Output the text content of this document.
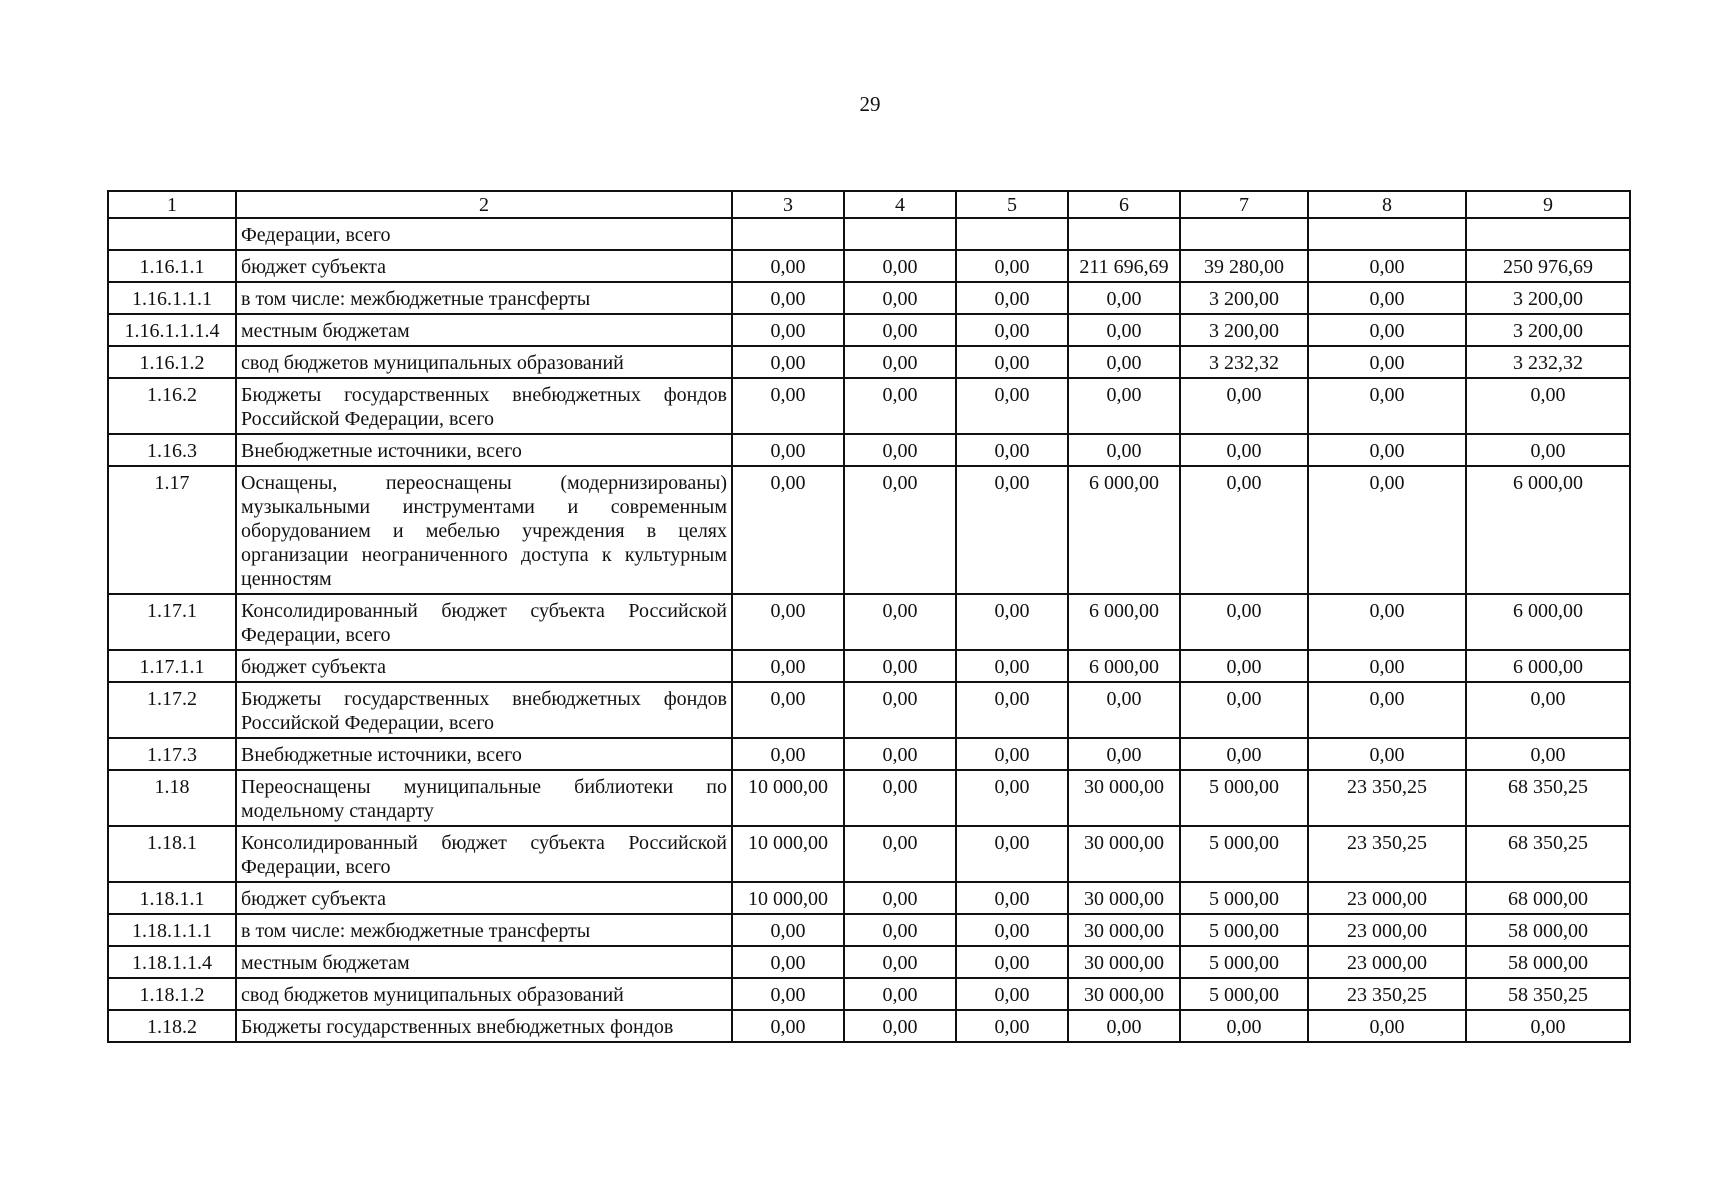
29
1	2	3	4	5	6	7	8	9
	Федерации, всего							
1.16.1.1	бюджет субъекта	0,00	0,00	0,00	211 696,69	39 280,00	0,00	250 976,69
1.16.1.1.1	в том числе: межбюджетные трансферты	0,00	0,00	0,00	0,00	3 200,00	0,00	3 200,00
1.16.1.1.1.4	местным бюджетам	0,00	0,00	0,00	0,00	3 200,00	0,00	3 200,00
1.16.1.2	свод бюджетов муниципальных образований	0,00	0,00	0,00	0,00	3 232,32	0,00	3 232,32
1.16.2	Бюджеты государственных внебюджетных фондов Российской Федерации, всего	0,00	0,00	0,00	0,00	0,00	0,00	0,00
1.16.3	Внебюджетные источники, всего	0,00	0,00	0,00	0,00	0,00	0,00	0,00
1.17	Оснащены, переоснащены (модернизированы) музыкальными инструментами и современным оборудованием и мебелью учреждения в целях организации неограниченного доступа к культурным ценностям	0,00	0,00	0,00	6 000,00	0,00	0,00	6 000,00
1.17.1	Консолидированный бюджет субъекта Российской Федерации, всего	0,00	0,00	0,00	6 000,00	0,00	0,00	6 000,00
1.17.1.1	бюджет субъекта	0,00	0,00	0,00	6 000,00	0,00	0,00	6 000,00
1.17.2	Бюджеты государственных внебюджетных фондов Российской Федерации, всего	0,00	0,00	0,00	0,00	0,00	0,00	0,00
1.17.3	Внебюджетные источники, всего	0,00	0,00	0,00	0,00	0,00	0,00	0,00
1.18	Переоснащены муниципальные библиотеки по модельному стандарту	10 000,00	0,00	0,00	30 000,00	5 000,00	23 350,25	68 350,25
1.18.1	Консолидированный бюджет субъекта Российской Федерации, всего	10 000,00	0,00	0,00	30 000,00	5 000,00	23 350,25	68 350,25
1.18.1.1	бюджет субъекта	10 000,00	0,00	0,00	30 000,00	5 000,00	23 000,00	68 000,00
1.18.1.1.1	в том числе: межбюджетные трансферты	0,00	0,00	0,00	30 000,00	5 000,00	23 000,00	58 000,00
1.18.1.1.4	местным бюджетам	0,00	0,00	0,00	30 000,00	5 000,00	23 000,00	58 000,00
1.18.1.2	свод бюджетов муниципальных образований	0,00	0,00	0,00	30 000,00	5 000,00	23 350,25	58 350,25
1.18.2	Бюджеты государственных внебюджетных фондов	0,00	0,00	0,00	0,00	0,00	0,00	0,00
